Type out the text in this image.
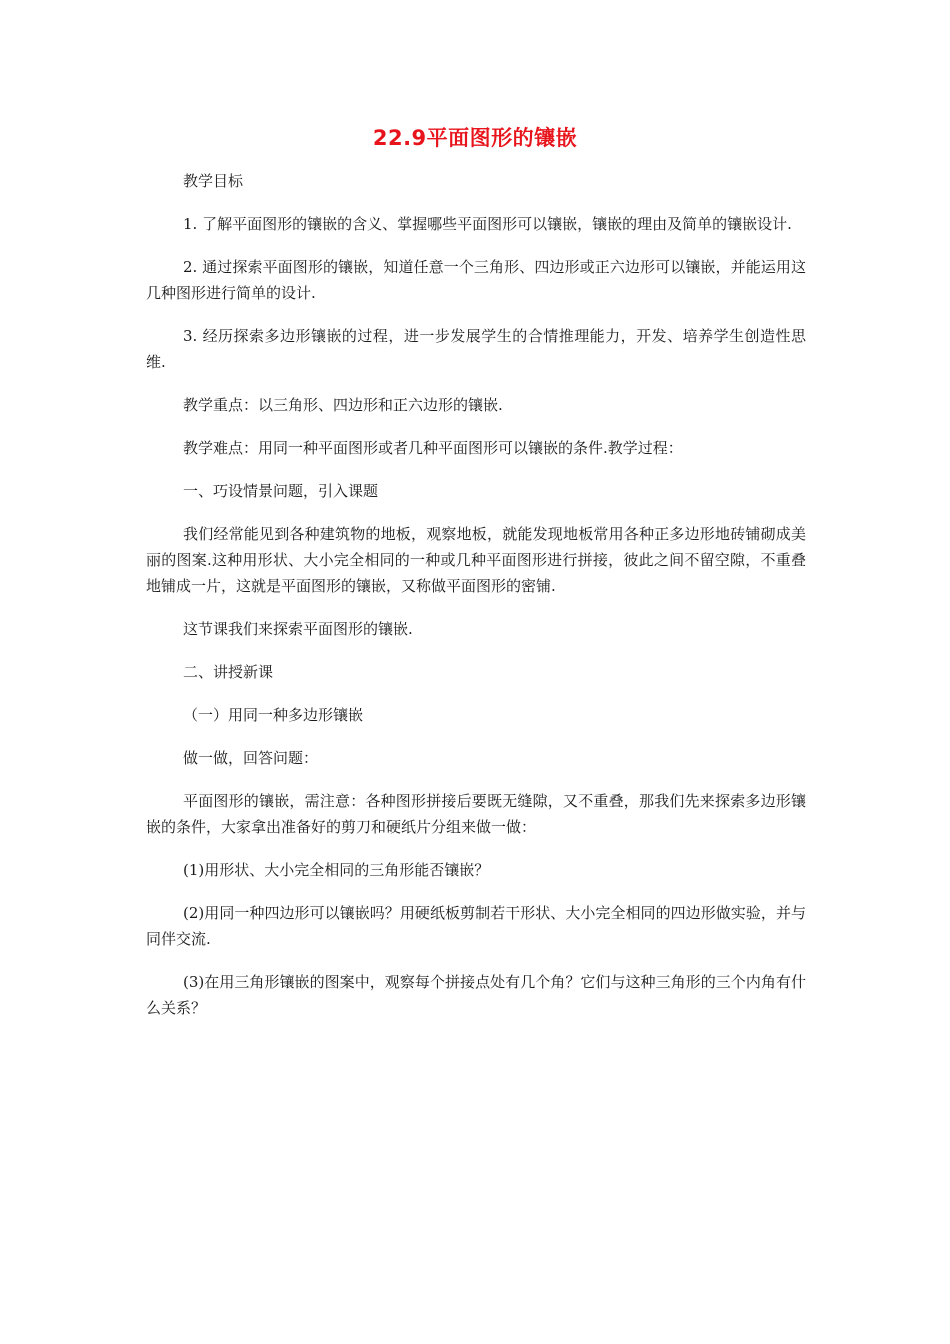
22.9平面图形的镶嵌

教学目标

1. 了解平面图形的镶嵌的含义、掌握哪些平面图形可以镶嵌，镶嵌的理由及简单的镶嵌设计.

2. 通过探索平面图形的镶嵌，知道任意一个三角形、四边形或正六边形可以镶嵌，并能运用这几种图形进行简单的设计.

3. 经历探索多边形镶嵌的过程，进一步发展学生的合情推理能力，开发、培养学生创造性思维.

教学重点：以三角形、四边形和正六边形的镶嵌.

教学难点：用同一种平面图形或者几种平面图形可以镶嵌的条件.教学过程：

一、巧设情景问题，引入课题

我们经常能见到各种建筑物的地板，观察地板，就能发现地板常用各种正多边形地砖铺砌成美丽的图案.这种用形状、大小完全相同的一种或几种平面图形进行拼接，彼此之间不留空隙，不重叠地铺成一片，这就是平面图形的镶嵌，又称做平面图形的密铺.

这节课我们来探索平面图形的镶嵌.

二、讲授新课

（一）用同一种多边形镶嵌

做一做，回答问题：

平面图形的镶嵌，需注意：各种图形拼接后要既无缝隙，又不重叠，那我们先来探索多边形镶嵌的条件，大家拿出准备好的剪刀和硬纸片分组来做一做：

(1)用形状、大小完全相同的三角形能否镶嵌？

(2)用同一种四边形可以镶嵌吗？用硬纸板剪制若干形状、大小完全相同的四边形做实验，并与同伴交流.

(3)在用三角形镶嵌的图案中，观察每个拼接点处有几个角？它们与这种三角形的三个内角有什么关系？
